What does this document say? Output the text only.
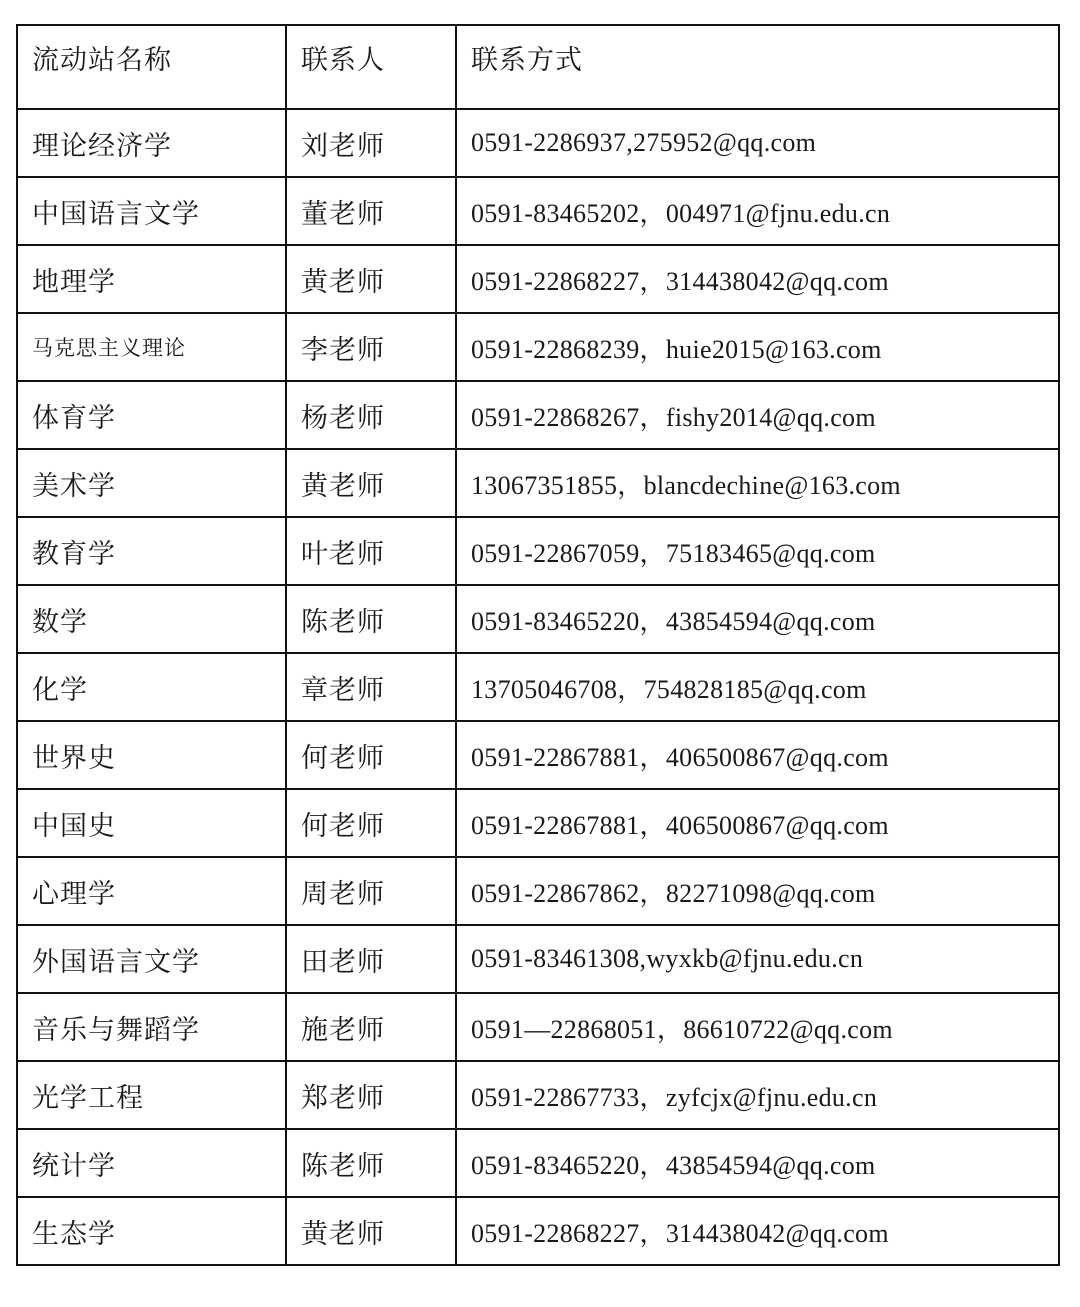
流动站名称	联系人	联系方式
理论经济学	刘老师	0591-2286937,275952@qq.com
中国语言文学	董老师	0591-83465202，004971@fjnu.edu.cn
地理学	黄老师	0591-22868227，314438042@qq.com
马克思主义理论	李老师	0591-22868239，huie2015@163.com
体育学	杨老师	0591-22868267，fishy2014@qq.com
美术学	黄老师	13067351855，blancdechine@163.com
教育学	叶老师	0591-22867059，75183465@qq.com
数学	陈老师	0591-83465220，43854594@qq.com
化学	章老师	13705046708，754828185@qq.com
世界史	何老师	0591-22867881，406500867@qq.com
中国史	何老师	0591-22867881，406500867@qq.com
心理学	周老师	0591-22867862，82271098@qq.com
外国语言文学	田老师	0591-83461308,wyxkb@fjnu.edu.cn
音乐与舞蹈学	施老师	0591—22868051，86610722@qq.com
光学工程	郑老师	0591-22867733，zyfcjx@fjnu.edu.cn
统计学	陈老师	0591-83465220，43854594@qq.com
生态学	黄老师	0591-22868227，314438042@qq.com
